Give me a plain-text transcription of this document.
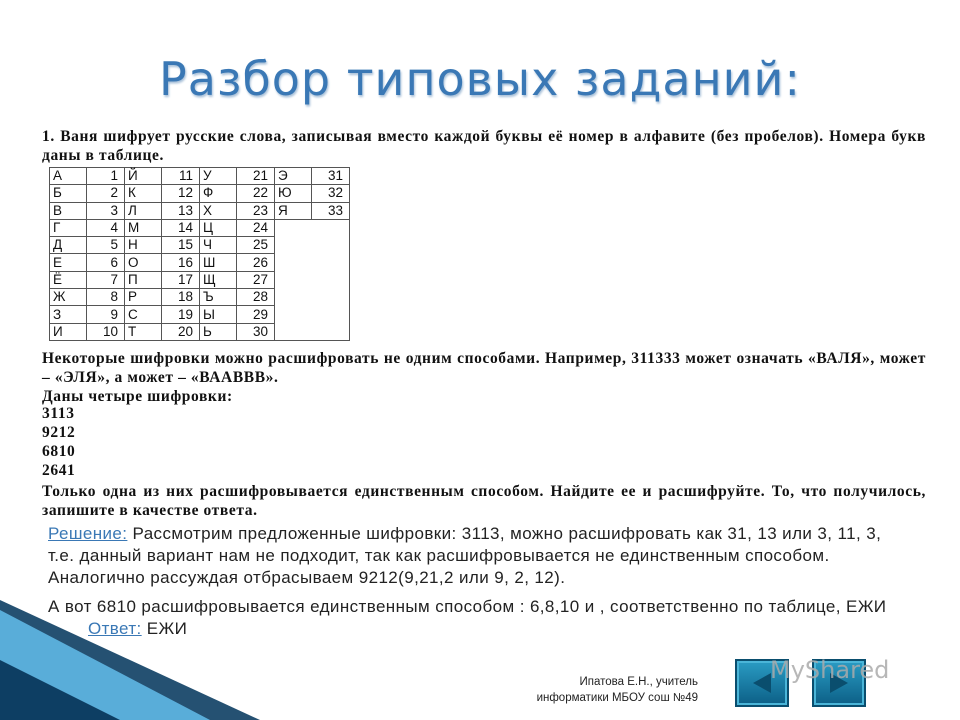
Разбор типовых заданий:
1. Ваня шифрует русские слова, записывая вместо каждой буквы её номер в алфавите (без пробелов). Номера букв даны в таблице.
А	1	Й	11	У	21	Э	31
Б	2	К	12	Ф	22	Ю	32
В	3	Л	13	Х	23	Я	33
Г	4	М	14	Ц	24		
Д	5	Н	15	Ч	25		
Е	6	О	16	Ш	26		
Ё	7	П	17	Щ	27		
Ж	8	Р	18	Ъ	28		
З	9	С	19	Ы	29		
И	10	Т	20	Ь	30		
Некоторые шифровки можно расшифровать не одним способами. Например, 311333 может означать «ВАЛЯ», может – «ЭЛЯ», а может – «ВААВВВ».
Даны четыре шифровки:
3113
9212
6810
2641
Только одна из них расшифровывается единственным способом. Найдите ее и расшифруйте. То, что получилось, запишите в качестве ответа.
Решение: Рассмотрим предложенные шифровки: 3113, можно расшифровать как 31, 13 или 3, 11, 3, т.е. данный вариант нам не подходит, так как расшифровывается не единственным способом. Аналогично рассуждая отбрасываем 9212(9,21,2 или 9, 2, 12).
А вот 6810 расшифровывается единственным способом : 6,8,10 и , соответственно по таблице, ЕЖИ Ответ: ЕЖИ
Ипатова Е.Н., учитель
информатики МБОУ сош №49
MyShared
